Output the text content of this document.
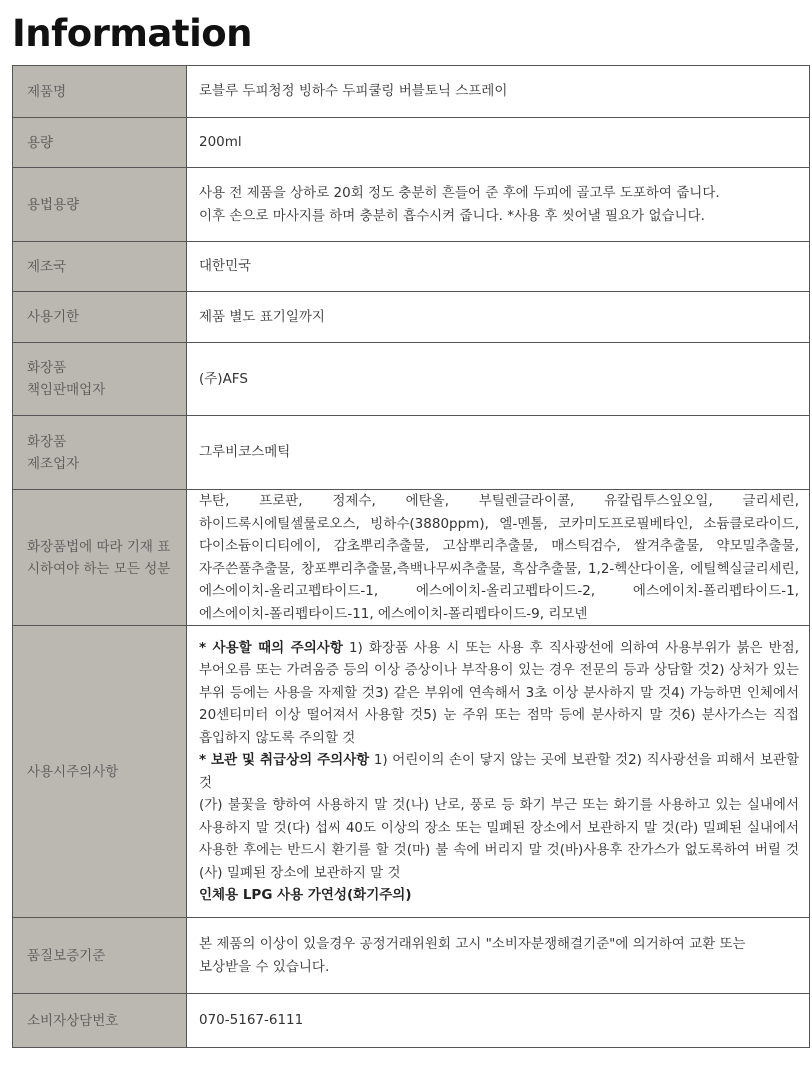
Information
제품명	로블루 두피청정 빙하수 두피쿨링 버블토닉 스프레이
용량	200ml
용법용량	사용 전 제품을 상하로 20회 정도 충분히 흔들어 준 후에 두피에 골고루 도포하여 줍니다.
이후 손으로 마사지를 하며 충분히 흡수시켜 줍니다. *사용 후 씻어낼 필요가 없습니다.

제조국	대한민국
사용기한	제품 별도 표기일까지

화장품
책임판매업자	(주)AFS

화장품
제조업자	그루비코스메틱
화장품법에 따라 기재 표시하여야 하는 모든 성분	부탄, 프로판, 정제수, 에탄올, 부틸렌글라이콜, 유칼립투스잎오일, 글리세린, 하이드록시에틸셀룰로오스, 빙하수(3880ppm), 엘-멘톨, 코카미도프로필베타인, 소듐클로라이드, 다이소듐이디티에이, 감초뿌리추출물, 고삼뿌리추출물, 매스틱검수, 쌀겨추출물, 약모밀추출물, 자주쓴풀추출물, 창포뿌리추출물,측백나무씨추출물, 흑삼추출물, 1,2-헥산다이올, 에틸헥실글리세린, 에스에이치-올리고펩타이드-1, 에스에이치-올리고펩타이드-2, 에스에이치-폴리펩타이드-1, 에스에이치-폴리펩타이드-11, 에스에이치-폴리펩타이드-9, 리모넨
사용시주의사항	* 사용할 때의 주의사항 1) 화장품 사용 시 또는 사용 후 직사광선에 의하여 사용부위가 붉은 반점, 부어오름 또는 가려움증 등의 이상 증상이나 부작용이 있는 경우 전문의 등과 상담할 것2) 상처가 있는 부위 등에는 사용을 자제할 것3) 같은 부위에 연속해서 3초 이상 분사하지 말 것4) 가능하면 인체에서 20센티미터 이상 떨어져서 사용할 것5) 눈 주위 또는 점막 등에 분사하지 말 것6) 분사가스는 직접 흡입하지 않도록 주의할 것
* 보관 및 취급상의 주의사항 1) 어린이의 손이 닿지 않는 곳에 보관할 것2) 직사광선을 피해서 보관할 것
(가) 불꽃을 향하여 사용하지 말 것(나) 난로, 풍로 등 화기 부근 또는 화기를 사용하고 있는 실내에서 사용하지 말 것(다) 섭씨 40도 이상의 장소 또는 밀폐된 장소에서 보관하지 말 것(라) 밀폐된 실내에서 사용한 후에는 반드시 환기를 할 것(마) 불 속에 버리지 말 것(바)사용후 잔가스가 없도록하여 버릴 것 (사) 밀폐된 장소에 보관하지 말 것
인체용 LPG 사용 가연성(화기주의)

품질보증기준	본 제품의 이상이 있을경우 공정거래위원회 고시 "소비자분쟁해결기준"에 의거하여 교환 또는 보상받을 수 있습니다.
소비자상담번호	070-5167-6111
